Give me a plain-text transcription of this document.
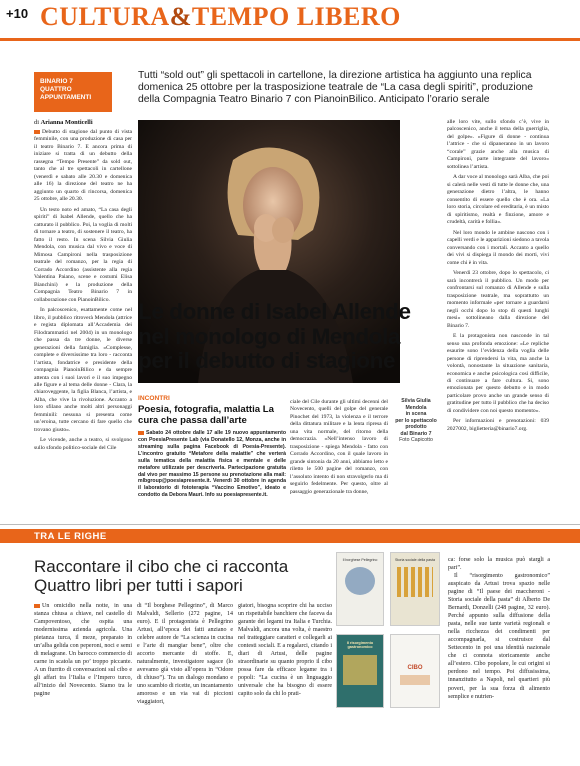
+10 CULTURA&TEMPO LIBERO
BINARIO 7
QUATTRO
APPUNTAMENTI
Tutti “sold out” gli spettacoli in cartellone, la direzione artistica ha aggiunto una replica domenica 25 ottobre per la trasposizione teatrale de “La casa degli spiriti”, produzione della Compagnia Teatro Binario 7 con PianoinBilico. Anticipato l’orario serale
di Arianna Monticelli

Debutto di stagione dal punto di vista femminile, con una produzione di casa per il teatro Binario 7. E ancora prima di iniziare si tratta di un debutto della rassegna “Tempo Presente” da sold out, tanto che al tre spettacoli in cartellone (venerdì e sabato alle 20.30 e domenica alle 16) la direzione del teatro ne ha aggiunto un quarto di rincorsa, domenica 25 ottobre, alle 20.30.

Un testo noto ed amato, “La casa degli spiriti” di Isabel Allende, quello che ha catturato il pubblico. Poi, la voglia di molti di tornare a teatro, di sostenere il teatro, ha fatto il resto. In scena Silvia Giulia Mendola, con musica dal vivo e voce di Mimosa Campironi nella trasposizione teatrale del romanzo, per la regia di Corrado Accordino (assistente alla regia Valentina Paiano, scene e costumi Elisa Bianchini) e la produzione della Compagnia Teatro Binario 7 in collaborazione con PianoinBilico.

In palcoscenico, esattamente come nel libro, il pubblico ritroverà Mendola (attrice e regista diplomata all’Accademia dei Filodrammatici nel 2004) in un monologo che passa da tre donne, le diverse generazioni della famiglia. «Complesse, complete e diversissime tra loro - racconta l’artista, fondatrice e presidente della compagnia PianoinBilico e da sempre attenta con i suoi lavori e il suo impegno alle figure e al tema delle donne - Clara, la chiaroveggente, la figlia Blanca, l’artista, e Alba, che vive la rivoluzione. Accanto a loro sfilano anche molti altri personaggi femminili: nessuna si presenta come un’eroina, tutte cercano di fare quello che trovano giusto».

Le vicende, anche a teatro, si svolgono sullo sfondo politico-sociale del Cile

Silvia Giulia
Mendola
in scena
per lo spettacolo
prodotto
dal Binario 7
Foto Capicotto
Le donne di Isabel Allende nel monologo di Mendola per il debutto di stagione
INCONTRI
Poesia, fotografia, malattia La cura che passa dall’arte
Sabato 24 ottobre dalle 17 alle 19 nuovo appuntamento con PoesiaPresente Lab (via Donatello 12, Monza, anche in streaming sulla pagina Facebook di Poesia-Presente). L’incontro gratuito “Metafore della malattie” che verterà sulla tematica della malattia fisica e mentale e delle metafore utilizzate per descriverla. Partecipazione gratuita dal vivo per massimo 15 persone su prenotazione alla mail: mlbgroup@poesiapresente.it. Venerdì 30 ottobre in agenda il laboratorio di fototerapia “Vaccino Emotivo”, ideato e condotto da Debora Mauri. Info su poesiapresente.it.
ciale del Cile durante gli ultimi decenni del Novecento, quelli del golpe del generale Pinochet del 1973, la violenza e il terrore della dittatura militare e la lenta ripresa di una vita normale, del ritorno della democrazia. «Nell’intenso lavoro di trasposizione - spiega Mendola - fatto con Corrado Accordino, con il quale lavoro in grande sintonia da 20 anni, abbiamo letto e riletto le 500 pagine del romanzo, con l’assoluto intento di non stravolgerlo ma di seguirlo fedelmente. Per questo, oltre al passaggio generazionale tra donne,

alle loro vite, sullo sfondo c’è, vive in palcoscenico, anche il tema della guerriglia, del golpe». «Figure di donne - continua l’attrice - che si dipaneranno in un lavoro “corale” grazie anche alla musica di Campironi, parte integrante del lavoro» sottolinea l’artista.

A dar voce al monologo sarà Alba, che poi si calerà nelle vesti di tutte le donne che, una generazione dietro l’altra, le hanno consentito di essere quello che è ora. «La loro storia, circolare ed ereditaria, è un misto di spiritismo, realtà e finzione, amore e crudeltà, carità e follia».

Nel loro mondo le ambine nascono con i capelli verdi e le apparizioni siedono a tavola conversando con i mortali. Accanto a quello dei vivi si dispiega il mondo dei morti, vivi come chi è in vita.

Venerdì 23 ottobre, dopo lo spettacolo, ci sarà incontrerà il pubblico. Un modo per confrontarsi sul romanzo di Allende e sulla trasposizione teatrale, ma soprattutto un momento informale «per tornare a guardarsi negli occhi dopo lo stop di questi lunghi mesi» sottolineano dalla direzione del Binario 7.

E la protagonista non nasconde in tal senso una profonda emozione: «Le repliche esaurite sono l’evidenza della voglia delle persone di riprendersi la vita, ma anche la volontà, nonostante la situazione sanitaria, economica e anche psicologica così difficile, di continuare a fare cultura. Si, sono emozionata per questo debutto e in modo particolare provo anche un grande senso di gratitudine per tutto il pubblico che ha deciso di condividere con noi questo momento».

Per informazioni e prenotazioni: 039 2027002, biglietteria@binario7.org.

TRA LE RIGHE
Raccontare il cibo che ci racconta
Quattro libri per tutti i sapori
Il borghese Pellegrino	Storia sociale della pasta
Il risorgimento gastronomico
CIBO
Un omicidio nella notte, in una stanza chiusa a chiave, nel castello di Campoventoso, che ospita una modernissima azienda agricola. Una pietanza turca, il meze, preparato in un’alba gelida con peperoni, noci e semi di melagrane. Un barocco commercio di carne in scatola un po’ troppo piccante. A un fiurrito di conversazioni sul cibo e gli affari tra l’Italia e l’Impero turco, all’inizio del Novecento. Siamo tra le pagine
di “Il borghese Pellegrino”, di Marco Malvaldi, Sellerio (272 pagine, 14 euro). E il protagonista è Pellegrino Artusi, all’epoca dei fatti anziano e celebre autore de “La scienza in cucina e l’arte di mangiar bene”, oltre che accorto mercante di stoffe. E, naturalmente, investigatore sagace (lo avevamo già visto all’opera in “Odore di chiuso”). Tra un dialogo mondano e uno scambio di ricette, un incantamento amoroso e un via vai di piccioni viaggiatori,
giatori, bisogna scoprire chi ha ucciso un rispettabile banchiere che faceva da garante dei legami tra Italia e Turchia. Malvaldi, ancora una volta, è maestro nel tratteggiare caratteri e collegarli ai contesti sociali. E a regalarci, citando i diari di Artusi, delle pagine straordinarie su quanto proprio il cibo possa fare da efficace legame tra i popoli: “La cucina è un linguaggio universale che ha bisogno di essere capito solo da chi lo prati-

ca: forse solo la musica può stargli a pari”.

Il “risorgimento gastronomico” auspicato da Artusi trova spazio nelle pagine di “Il paese dei maccheroni - Storia sociale della pasta” di Alberto De Bernardi, Donzelli (248 pagine, 32 euro). Perché appunto sulla diffusione della pasta, nelle sue tante varietà regionali e nella ricchezza dei condimenti per accompagnarla, si costruisce dal Settecento in poi una identità nazionale che ci connota storicamente anche all’estero. Cibo popolare, le cui origini si perdono nel tempo. Poi diffusissima, innanzitutto a Napoli, nel quartieri più poveri, per la sua forza di alimento semplice e nutrien-
